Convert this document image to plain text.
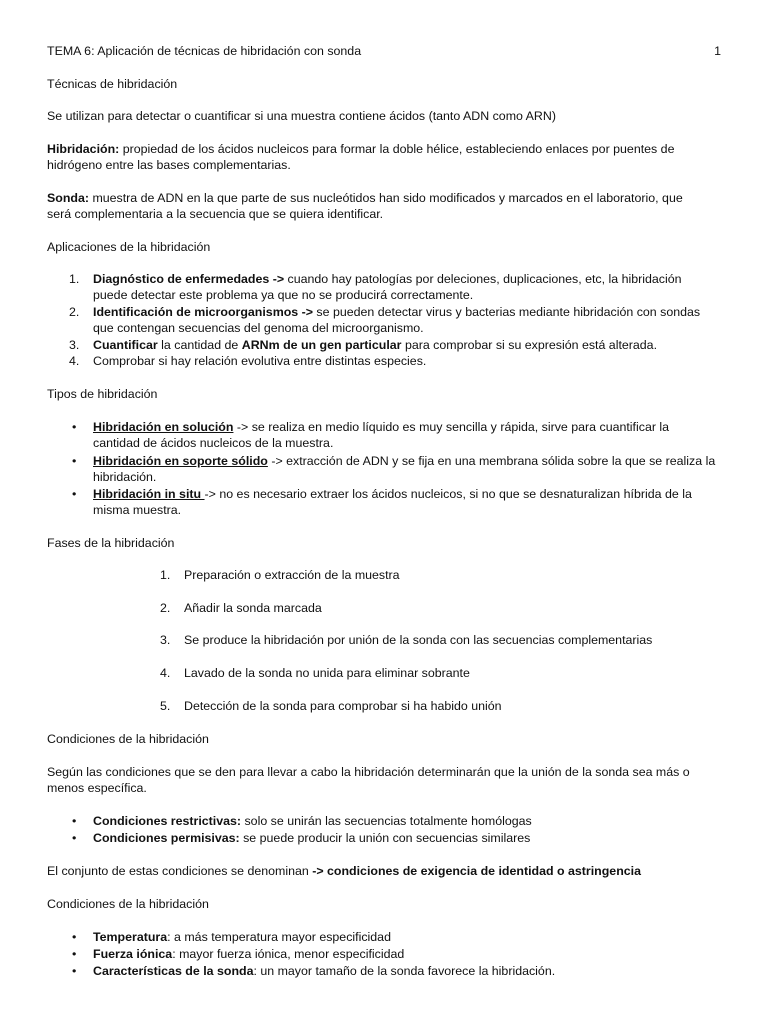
TEMA 6: Aplicación de técnicas de hibridación con sonda	1
Técnicas de hibridación
Se utilizan para detectar o cuantificar si una muestra contiene ácidos (tanto ADN como ARN)
Hibridación: propiedad de los ácidos nucleicos para formar la doble hélice, estableciendo enlaces por puentes de
hidrógeno entre las bases complementarias.
Sonda: muestra de ADN en la que parte de sus nucleótidos han sido modificados y marcados en el laboratorio, que
será complementaria a la secuencia que se quiera identificar.
Aplicaciones de la hibridación
1.	Diagnóstico de enfermedades -> cuando hay patologías por deleciones, duplicaciones, etc, la hibridación
puede detectar este problema ya que no se producirá correctamente.
2.	Identificación de microorganismos -> se pueden detectar virus y bacterias mediante hibridación con sondas
que contengan secuencias del genoma del microorganismo.
3.	Cuantificar la cantidad de ARNm de un gen particular para comprobar si su expresión está alterada.
4.	Comprobar si hay relación evolutiva entre distintas especies.
Tipos de hibridación
• Hibridación en solución -> se realiza en medio líquido es muy sencilla y rápida, sirve para cuantificar la
cantidad de ácidos nucleicos de la muestra.
• Hibridación en soporte sólido -> extracción de ADN y se fija en una membrana sólida sobre la que se realiza la
hibridación.
• Hibridación in situ -> no es necesario extraer los ácidos nucleicos, si no que se desnaturalizan híbrida de la
misma muestra.
Fases de la hibridación
1.	Preparación o extracción de la muestra
2.	Añadir la sonda marcada
3.	Se produce la hibridación por unión de la sonda con las secuencias complementarias
4.	Lavado de la sonda no unida para eliminar sobrante
5.	Detección de la sonda para comprobar si ha habido unión
Condiciones de la hibridación
Según las condiciones que se den para llevar a cabo la hibridación determinarán que la unión de la sonda sea más o
menos específica.
• Condiciones restrictivas: solo se unirán las secuencias totalmente homólogas
• Condiciones permisivas: se puede producir la unión con secuencias similares
El conjunto de estas condiciones se denominan -> condiciones de exigencia de identidad o astringencia
Condiciones de la hibridación
• Temperatura: a más temperatura mayor especificidad
• Fuerza iónica: mayor fuerza iónica, menor especificidad
• Características de la sonda: un mayor tamaño de la sonda favorece la hibridación.
